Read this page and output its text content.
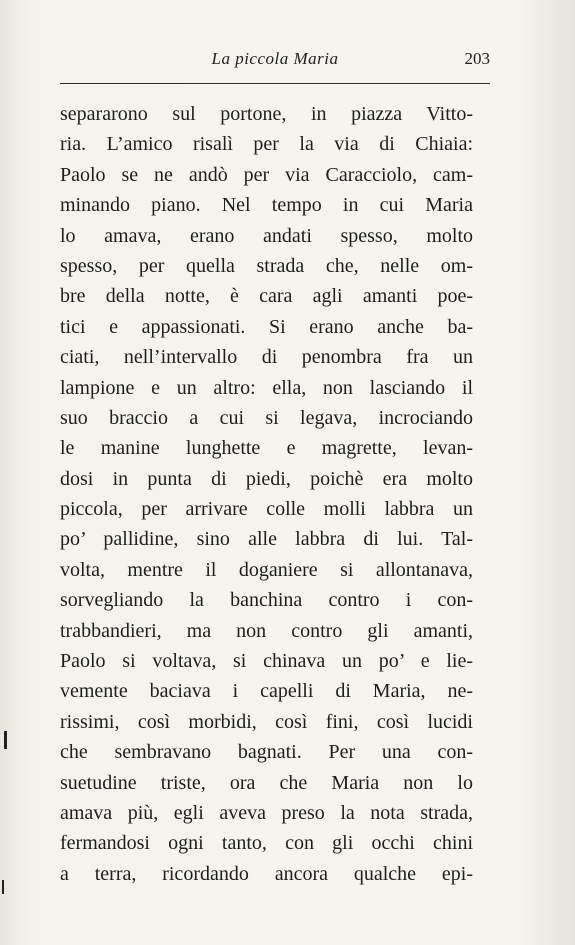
La piccola Maria	203
separarono sul portone, in piazza Vitto-
ria. L’amico risalì per la via di Chiaia:
Paolo se ne andò per via Caracciolo, cam-
minando piano. Nel tempo in cui Maria
lo amava, erano andati spesso, molto
spesso, per quella strada che, nelle om-
bre della notte, è cara agli amanti poe-
tici e appassionati. Si erano anche ba-
ciati, nell’intervallo di penombra fra un
lampione e un altro: ella, non lasciando il
suo braccio a cui si legava, incrociando
le manine lunghette e magrette, levan-
dosi in punta di piedi, poichè era molto
piccola, per arrivare colle molli labbra un
po’ pallidine, sino alle labbra di lui. Tal-
volta, mentre il doganiere si allontanava,
sorvegliando la banchina contro i con-
trabbandieri, ma non contro gli amanti,
Paolo si voltava, si chinava un po’ e lie-
vemente baciava i capelli di Maria, ne-
rissimi, così morbidi, così fini, così lucidi
che sembravano bagnati. Per una con-
suetudine triste, ora che Maria non lo
amava più, egli aveva preso la nota strada,
fermandosi ogni tanto, con gli occhi chini
a terra, ricordando ancora qualche epi-
